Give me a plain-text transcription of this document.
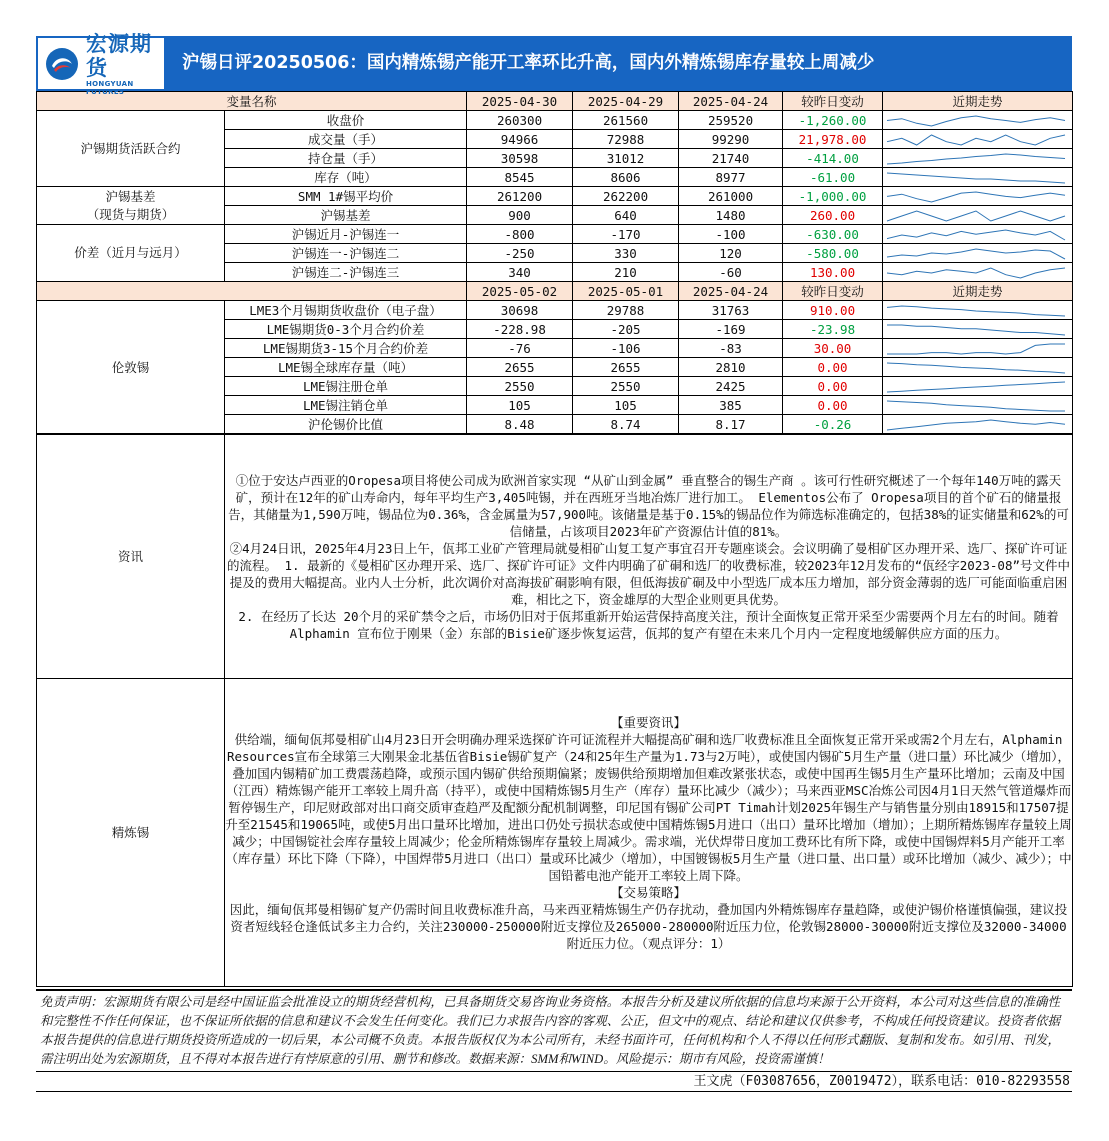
宏源期货
HONGYUAN FUTURES
沪锡日评20250506：国内精炼锡产能开工率环比升高，国内外精炼锡库存量较上周减少
变量名称		2025-04-30	2025-04-29	2025-04-24	较昨日变动	近期走势
沪锡期货活跃合约	收盘价	260300	261560	259520	-1,260.00	

	成交量（手）	94966	72988	99290	21,978.00	

	持仓量（手）	30598	31012	21740	-414.00	

	库存（吨）	8545	8606	8977	-61.00	

沪锡基差
（现货与期货）	SMM 1#锡平均价	261200	262200	261000	-1,000.00	

	沪锡基差	900	640	1480	260.00	

价差（近月与远月）	沪锡近月-沪锡连一	-800	-170	-100	-630.00	

	沪锡连一-沪锡连二	-250	330	120	-580.00	

	沪锡连二-沪锡连三	340	210	-60	130.00	

		2025-05-02	2025-05-01	2025-04-24	较昨日变动	近期走势
伦敦锡	LME3个月锡期货收盘价（电子盘）	30698	29788	31763	910.00	

	LME锡期货0-3个月合约价差	-228.98	-205	-169	-23.98	

	LME锡期货3-15个月合约价差	-76	-106	-83	30.00	

	LME锡全球库存量（吨）	2655	2655	2810	0.00	

	LME锡注册仓单	2550	2550	2425	0.00	

	LME锡注销仓单	105	105	385	0.00	

	沪伦锡价比值	8.48	8.74	8.17	-0.26	
资讯	①位于安达卢西亚的Oropesa项目将使公司成为欧洲首家实现 “从矿山到金属” 垂直整合的锡生产商 。该可行性研究概述了一个每年140万吨的露天矿，预计在12年的矿山寿命内，每年平均生产3,405吨锡，并在西班牙当地冶炼厂进行加工。 Elementos公布了 Oropesa项目的首个矿石的储量报告，其储量为1,590万吨，锡品位为0.36%，含金属量为57,900吨。该储量是基于0.15%的锡品位作为筛选标准确定的，包括38%的证实储量和62%的可信储量，占该项目2023年矿产资源估计值的81%。
②4月24日讯，2025年4月23日上午，佤邦工业矿产管理局就曼相矿山复工复产事宜召开专题座谈会。会议明确了曼相矿区办理开采、选厂、探矿许可证的流程。 1. 最新的《曼相矿区办理开采、选厂、探矿许可证》文件内明确了矿硐和选厂的收费标准，较2023年12月发布的“佤经字2023-08”号文件中提及的费用大幅提高。业内人士分析，此次调价对高海拔矿硐影响有限，但低海拔矿硐及中小型选厂成本压力增加，部分资金薄弱的选厂可能面临重启困难，相比之下，资金雄厚的大型企业则更具优势。
2. 在经历了长达 20个月的采矿禁令之后，市场仍旧对于佤邦重新开始运营保持高度关注，预计全面恢复正常开采至少需要两个月左右的时间。随着 Alphamin 宣布位于刚果（金）东部的Bisie矿逐步恢复运营，佤邦的复产有望在未来几个月内一定程度地缓解供应方面的压力。

精炼锡	【重要资讯】
供给端，缅甸佤邦曼相矿山4月23日开会明确办理采选探矿许可证流程并大幅提高矿硐和选厂收费标准且全面恢复正常开采或需2个月左右，Alphamin Resources宣布全球第三大刚果金北基伍省Bisie锡矿复产（24和25年生产量为1.73与2万吨），或使国内锡矿5月生产量（进口量）环比减少（增加），叠加国内锡精矿加工费震荡趋降，或预示国内锡矿供给预期偏紧；废锡供给预期增加但难改紧张状态，或使中国再生锡5月生产量环比增加；云南及中国（江西）精炼锡产能开工率较上周升高（持平），或使中国精炼锡5月生产（库存）量环比减少（减少）；马来西亚MSC冶炼公司因4月1日天然气管道爆炸而暂停锡生产，印尼财政部对出口商交质审查趋严及配额分配机制调整，印尼国有锡矿公司PT Timah计划2025年锡生产与销售量分别由18915和17507提升至21545和19065吨，或使5月出口量环比增加，进出口仍处亏损状态或使中国精炼锡5月进口（出口）量环比增加（增加）；上期所精炼锡库存量较上周减少；中国锡锭社会库存量较上周减少；伦金所精炼锡库存量较上周减少。需求端，光伏焊带日度加工费环比有所下降，或使中国锡焊料5月产能开工率（库存量）环比下降（下降），中国焊带5月进口（出口）量或环比减少（增加），中国镀锡板5月生产量（进口量、出口量）或环比增加（减少、减少）；中国铅蓄电池产能开工率较上周下降。
【交易策略】
因此，缅甸佤邦曼相锡矿复产仍需时间且收费标准升高，马来西亚精炼锡生产仍存扰动，叠加国内外精炼锡库存量趋降，或使沪锡价格谨慎偏强，建议投资者短线轻仓逢低试多主力合约，关注230000-250000附近支撑位及265000-280000附近压力位，伦敦锡28000-30000附近支撑位及32000-34000附近压力位。（观点评分：1）
免责声明：宏源期货有限公司是经中国证监会批准设立的期货经营机构，已具备期货交易咨询业务资格。本报告分析及建议所依据的信息均来源于公开资料，本公司对这些信息的准确性和完整性不作任何保证，也不保证所依据的信息和建议不会发生任何变化。我们已力求报告内容的客观、公正，但文中的观点、结论和建议仅供参考，不构成任何投资建议。投资者依据本报告提供的信息进行期货投资所造成的一切后果，本公司概不负责。本报告版权仅为本公司所有，未经书面许可，任何机构和个人不得以任何形式翻版、复制和发布。如引用、刊发，需注明出处为宏源期货，且不得对本报告进行有悖原意的引用、删节和修改。数据来源：SMM和WIND。风险提示：期市有风险，投资需谨慎！
王文虎（F03087656，Z0019472），联系电话：010-82293558
